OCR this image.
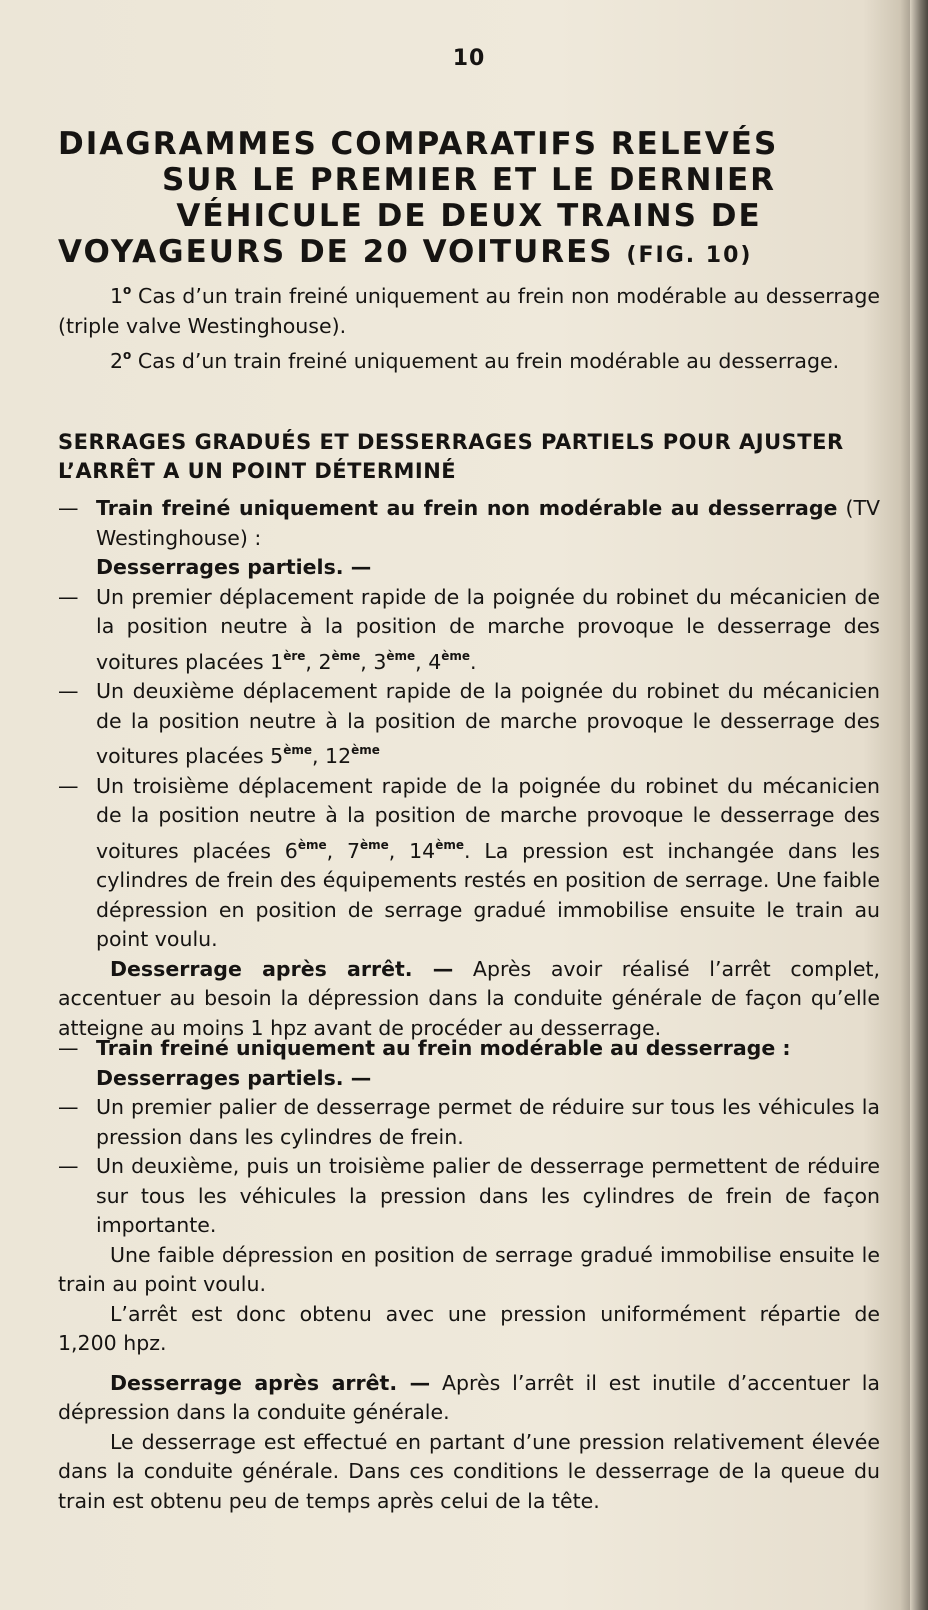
10
DIAGRAMMES COMPARATIFS RELEVÉS
SUR LE PREMIER ET LE DERNIER
VÉHICULE DE DEUX TRAINS DE
VOYAGEURS DE 20 VOITURES (FIG. 10)

1$^o$ Cas d’un train freiné uniquement au frein non modérable au desserrage (triple valve Westinghouse).

2$^o$ Cas d’un train freiné uniquement au frein modérable au desserrage.

SERRAGES GRADUÉS ET DESSERRAGES PARTIELS POUR AJUSTER L’ARRÊT A UN POINT DÉTERMINÉ
— Train freiné uniquement au frein non modérable au desserrage (TV Westinghouse) :

Desserrages partiels. —

— Un premier déplacement rapide de la poignée du robinet du mécanicien de la position neutre à la position de marche provoque le desserrage des voitures placées 1ère, 2ème, 3ème, 4ème.
— Un deuxième déplacement rapide de la poignée du robinet du mécanicien de la position neutre à la position de marche provoque le desserrage des voitures placées 5ème, 12ème
— Un troisième déplacement rapide de la poignée du robinet du mécanicien de la position neutre à la position de marche provoque le desserrage des voitures placées 6ème, 7ème, 14ème. La pression est inchangée dans les cylindres de frein des équipements restés en position de serrage. Une faible dépression en position de serrage gradué immobilise ensuite le train au point voulu.

Desserrage après arrêt. — Après avoir réalisé l’arrêt complet, accentuer au besoin la dépression dans la conduite générale de façon qu’elle atteigne au moins 1 hpz avant de procéder au desserrage.

— Train freiné uniquement au frein modérable au desserrage :

Desserrages partiels. —

— Un premier palier de desserrage permet de réduire sur tous les véhicules la pression dans les cylindres de frein.
— Un deuxième, puis un troisième palier de desserrage permettent de réduire sur tous les véhicules la pression dans les cylindres de frein de façon importante.

Une faible dépression en position de serrage gradué immobilise ensuite le train au point voulu.

L’arrêt est donc obtenu avec une pression uniformément répartie de 1,200 hpz.

Desserrage après arrêt. — Après l’arrêt il est inutile d’accentuer la dépression dans la conduite générale.

Le desserrage est effectué en partant d’une pression relativement élevée dans la conduite générale. Dans ces conditions le desserrage de la queue du train est obtenu peu de temps après celui de la tête.
